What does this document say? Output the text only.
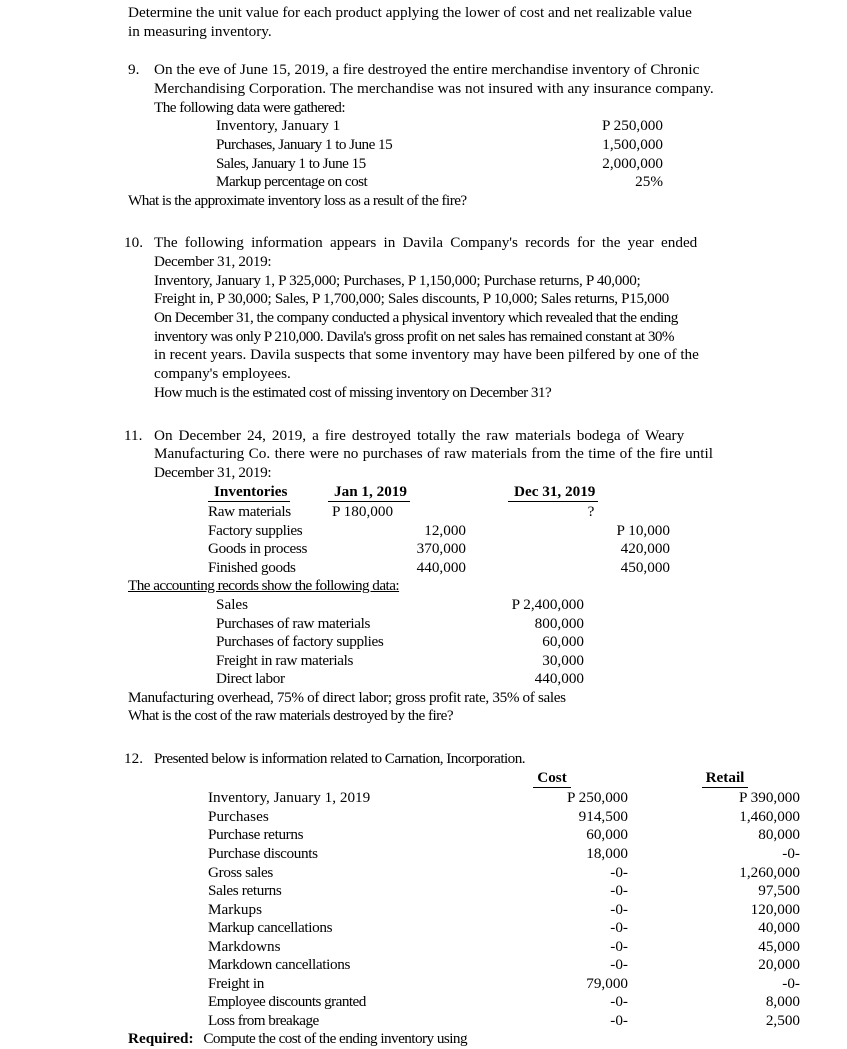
Determine the unit value for each product applying the lower of cost and net realizable value
in measuring inventory.
9. On the eve of June 15, 2019, a fire destroyed the entire merchandise inventory of Chronic
Merchandising Corporation. The merchandise was not insured with any insurance company.
The following data were gathered:
Inventory, January 1	P 250,000
Purchases, January 1 to June 15	1,500,000
Sales, January 1 to June 15	2,000,000
Markup percentage on cost	25%
What is the approximate inventory loss as a result of the fire?
10. The following information appears in Davila Company's records for the year ended
December 31, 2019:
Inventory, January 1, P 325,000; Purchases, P 1,150,000; Purchase returns, P 40,000;
Freight in, P 30,000; Sales, P 1,700,000; Sales discounts, P 10,000; Sales returns, P15,000
On December 31, the company conducted a physical inventory which revealed that the ending
inventory was only P 210,000. Davila's gross profit on net sales has remained constant at 30%
in recent years. Davila suspects that some inventory may have been pilfered by one of the
company's employees.
How much is the estimated cost of missing inventory on December 31?
11. On December 24, 2019, a fire destroyed totally the raw materials bodega of Weary
Manufacturing Co. there were no purchases of raw materials from the time of the fire until
December 31, 2019:
Inventories	Jan 1, 2019	Dec 31, 2019
Raw materials	P 180,000	?
Factory supplies	12,000	P 10,000
Goods in process	370,000	420,000
Finished goods	440,000	450,000
The accounting records show the following data:
Sales	P 2,400,000
Purchases of raw materials	800,000
Purchases of factory supplies	60,000
Freight in raw materials	30,000
Direct labor	440,000
Manufacturing overhead, 75% of direct labor; gross profit rate, 35% of sales
What is the cost of the raw materials destroyed by the fire?
12. Presented below is information related to Carnation, Incorporation.
	Cost	Retail
Inventory, January 1, 2019	P 250,000	P 390,000
Purchases	914,500	1,460,000
Purchase returns	60,000	80,000
Purchase discounts	18,000	-0-
Gross sales	-0-	1,260,000
Sales returns	-0-	97,500
Markups	-0-	120,000
Markup cancellations	-0-	40,000
Markdowns	-0-	45,000
Markdown cancellations	-0-	20,000
Freight in	79,000	-0-
Employee discounts granted	-0-	8,000
Loss from breakage	-0-	2,500
Required: Compute the cost of the ending inventory using
